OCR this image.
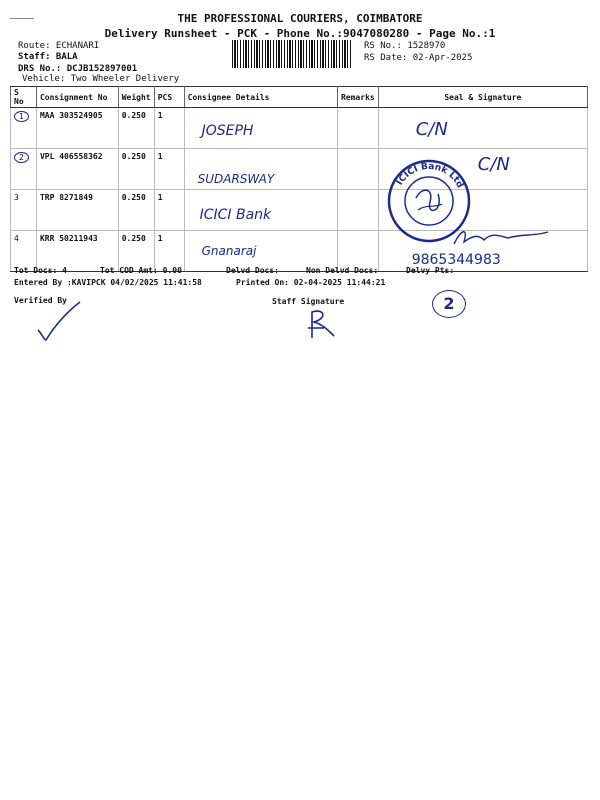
THE PROFESSIONAL COURIERS, COIMBATORE
Delivery Runsheet - PCK - Phone No.:9047080280 - Page No.:1
Route: ECHANARI
Staff: BALA
DRS No.: DCJB152897001
Vehicle: Two Wheeler Delivery
RS No.: 1528970
RS Date: 02-Apr-2025
S No	Consignment No	Weight	PCS	Consignee Details	Remarks	Seal & Signature
1	MAA 303524905	0.250	1	JOSEPH		C/N
2	VPL 406558362	0.250	1	SUDARSWAY		C/N
3	TRP 8271849	0.250	1	ICICI Bank		
4	KRR 50211943	0.250	1	Gnanaraj		9865344983
ICICI Bank Ltd
Tot Docs: 4	Tot COD Amt: 0.00	Delvd Docs:	Non Delvd Docs:	Delvy Pts:
Entered By :KAVIPCK 04/02/2025 11:41:58	Printed On: 02-04-2025 11:44:21
Verified By	Staff Signature	2
